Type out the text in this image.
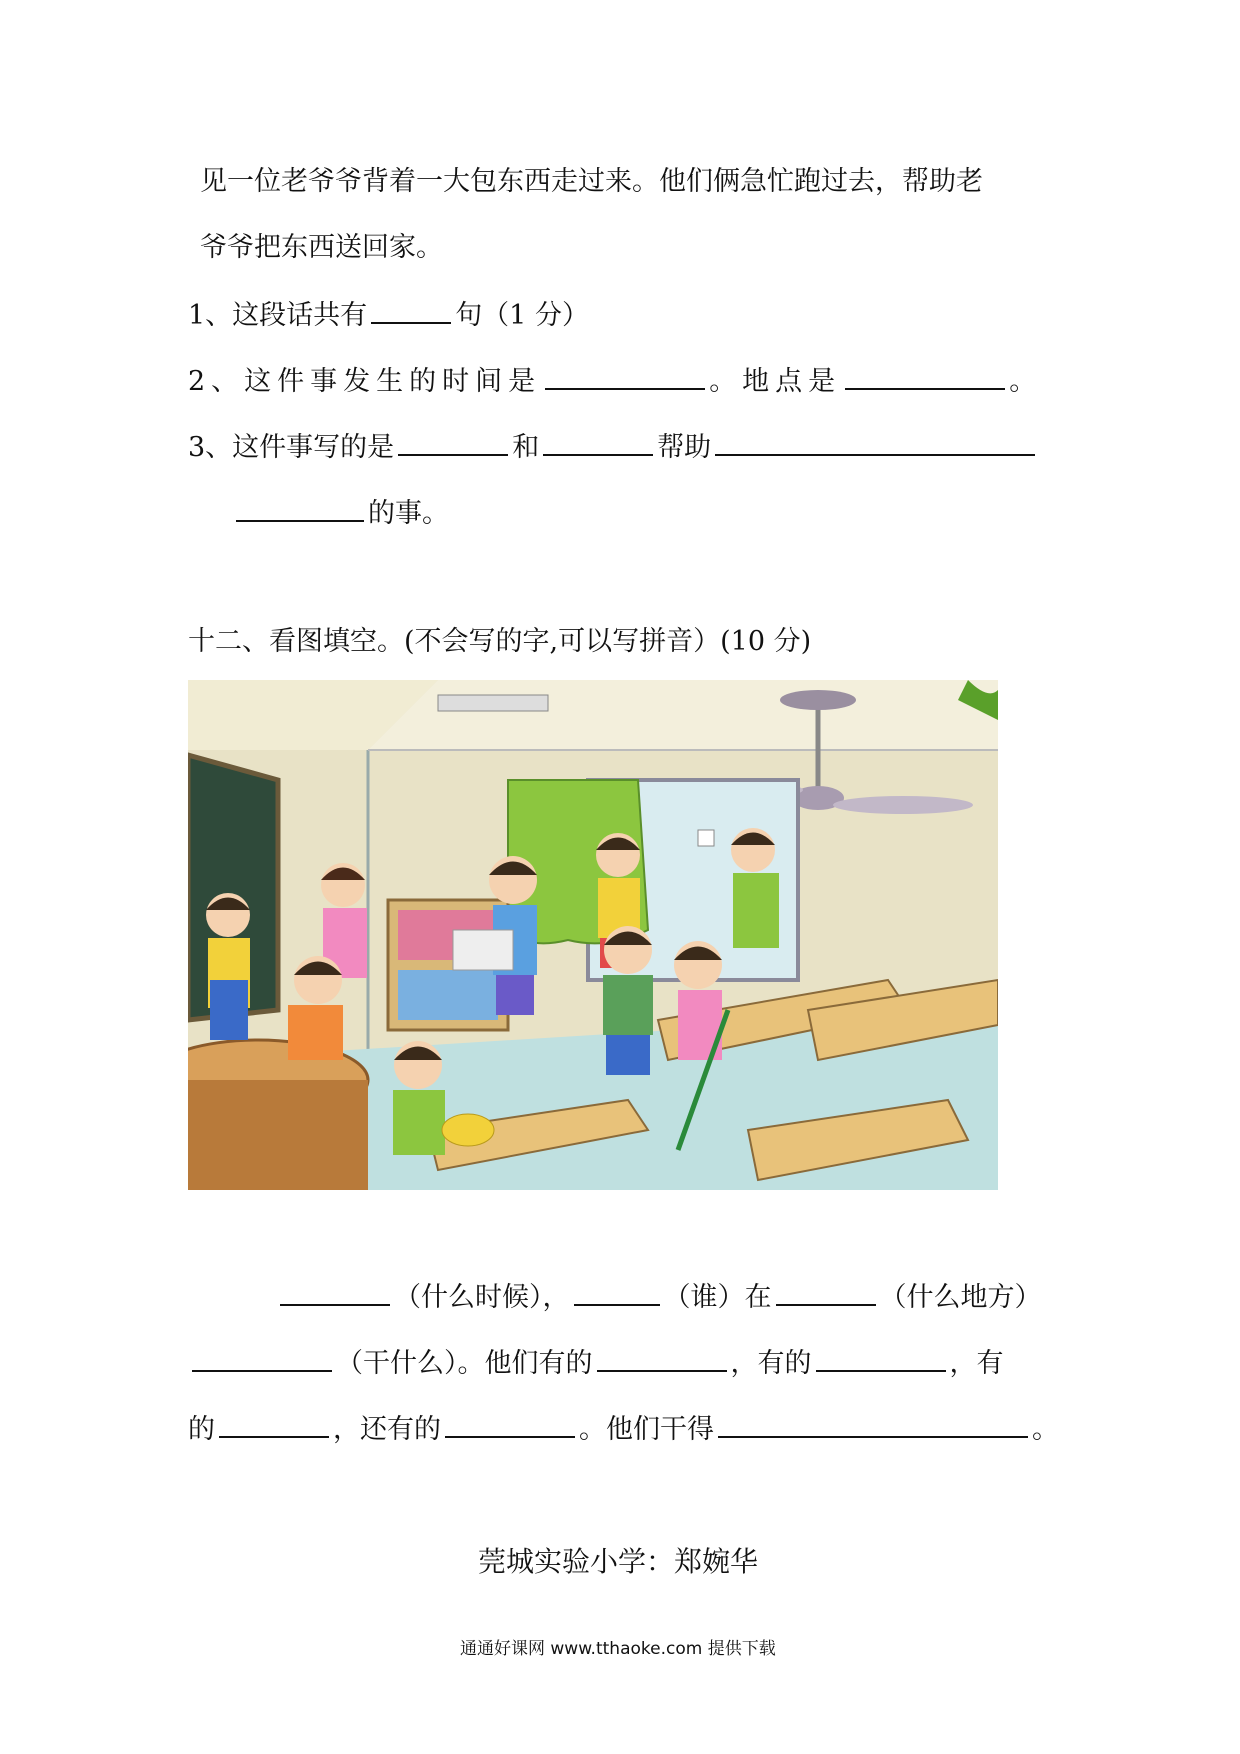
见一位老爷爷背着一大包东西走过来。他们俩急忙跑过去，帮助老
爷爷把东西送回家。
1、这段话共有	句（1 分）
2、这件事发生的时间是	。地点是	。
3、这件事写的是	和	帮助
的事。
十二、看图填空。(不会写的字,可以写拼音）(10 分)
（什么时候），	（谁）在	（什么地方）
（干什么）。他们有的	，有的	，有
的	，还有的	。他们干得	。
莞城实验小学：郑婉华
通通好课网 www.tthaoke.com 提供下载
